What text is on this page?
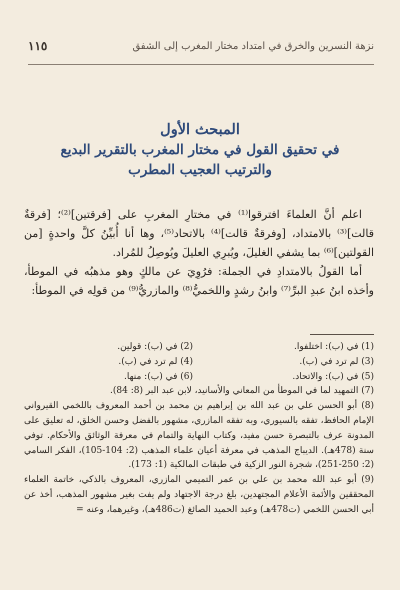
نزهة النسرين والخرق في امتداد مختار المغرب إلى الشفق
١١٥
المبحث الأول
في تحقيق القول في مختار المغرب بالتقرير البديع
والترتيب العجيب المطرب

اعلم أنَّ العلماءَ افترقوا⁽¹⁾ في مختارِ المغربِ على [فرقتين]⁽²⁾؛ [فرقةٌ قالت]⁽³⁾ بالامتداد، [وفرقةٌ قالت]⁽⁴⁾ بالاتحاد⁽⁵⁾، وها أنا أُبيِّنُ كلَّ واحدةٍ [من القولتين]⁽⁶⁾ بما يشفي الغليلَ، ويُبرِي العليلَ ويُوصِلُ للمُراد.

أما القولُ بالامتدادِ في الجملة: فرُوِيَ عن مالكٍ وهو مذهبُه في الموطأ، وأخذه ابنُ عبدِ البرِّ⁽⁷⁾ وابنُ رشدٍ واللخميُّ⁽⁸⁾ والمازريُّ⁽⁹⁾ من قولِه في الموطأ:

(1) في (ب): اختلفوا.
(2) في (ب): قولين.
(3) لم ترد في (ب).
(4) لم ترد في (ب).
(5) في (ب): والاتحاد.
(6) في (ب): منها.

(7) التمهيد لما في الموطأ من المعاني والأسانيد، لابن عبد البر (8: 84).

(8) أبو الحسن علي بن عبد الله بن إبراهيم بن محمد بن أحمد المعروف باللخمي القيرواني الإمام الحافظ، تفقه بالسيوري، وبه تفقه المازري، مشهور بالفضل وحسن الخلق، له تعليق على المدونة عرف بالتبصرة حسن مفيد، وكتاب النهاية والتمام في معرفة الوثائق والأحكام. توفي سنة (478هـ). الديباج المذهب في معرفة أعيان علماء المذهب (2: 104-105)، الفكر السامي (2: 250-251)، شجرة النور الزكية في طبقات المالكية (1: 173).

(9) أبو عبد الله محمد بن علي بن عمر التميمي المازري، المعروف بالذكي، خاتمة العلماء المحققين والأئمة الأعلام المجتهدين، بلغ درجة الاجتهاد ولم يفت بغير مشهور المذهب، أخذ عن أبي الحسن اللخمي (ت478هـ) وعبد الحميد الصائغ (ت486هـ)، وغيرهما، وعنه =
